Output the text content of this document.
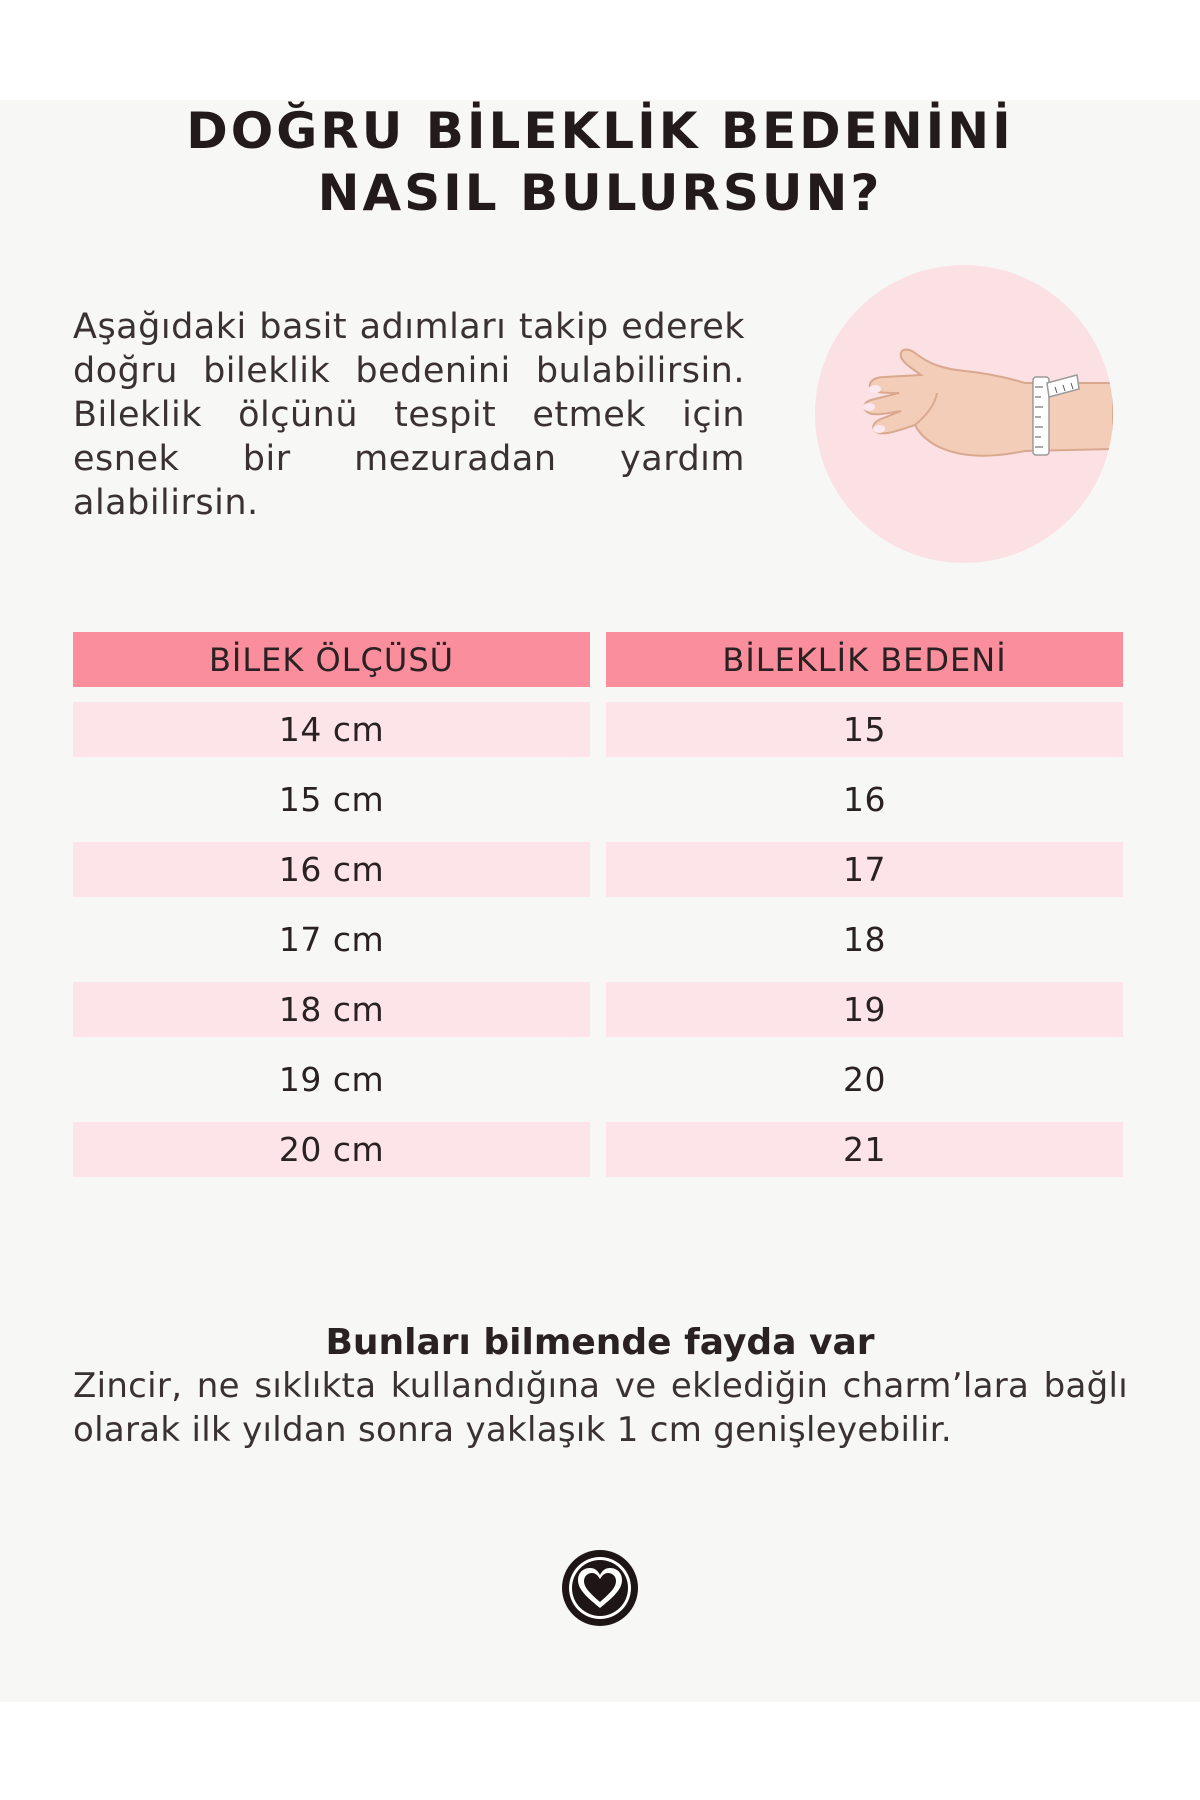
DOĞRU BİLEKLİK BEDENİNİ
NASIL BULURSUN?
Aşağıdaki basit adımları takip ederek doğru bileklik bedenini bulabilirsin. Bileklik ölçünü tespit etmek için esnek bir mezuradan yardım alabilirsin.
BİLEK ÖLÇÜSÜ	BİLEKLİK BEDENİ
14 cm	15
15 cm	16
16 cm	17
17 cm	18
18 cm	19
19 cm	20
20 cm	21
Bunları bilmende fayda var
Zincir, ne sıklıkta kullandığına ve eklediğin charm’lara bağlı olarak ilk yıldan sonra yaklaşık 1 cm genişleyebilir.
